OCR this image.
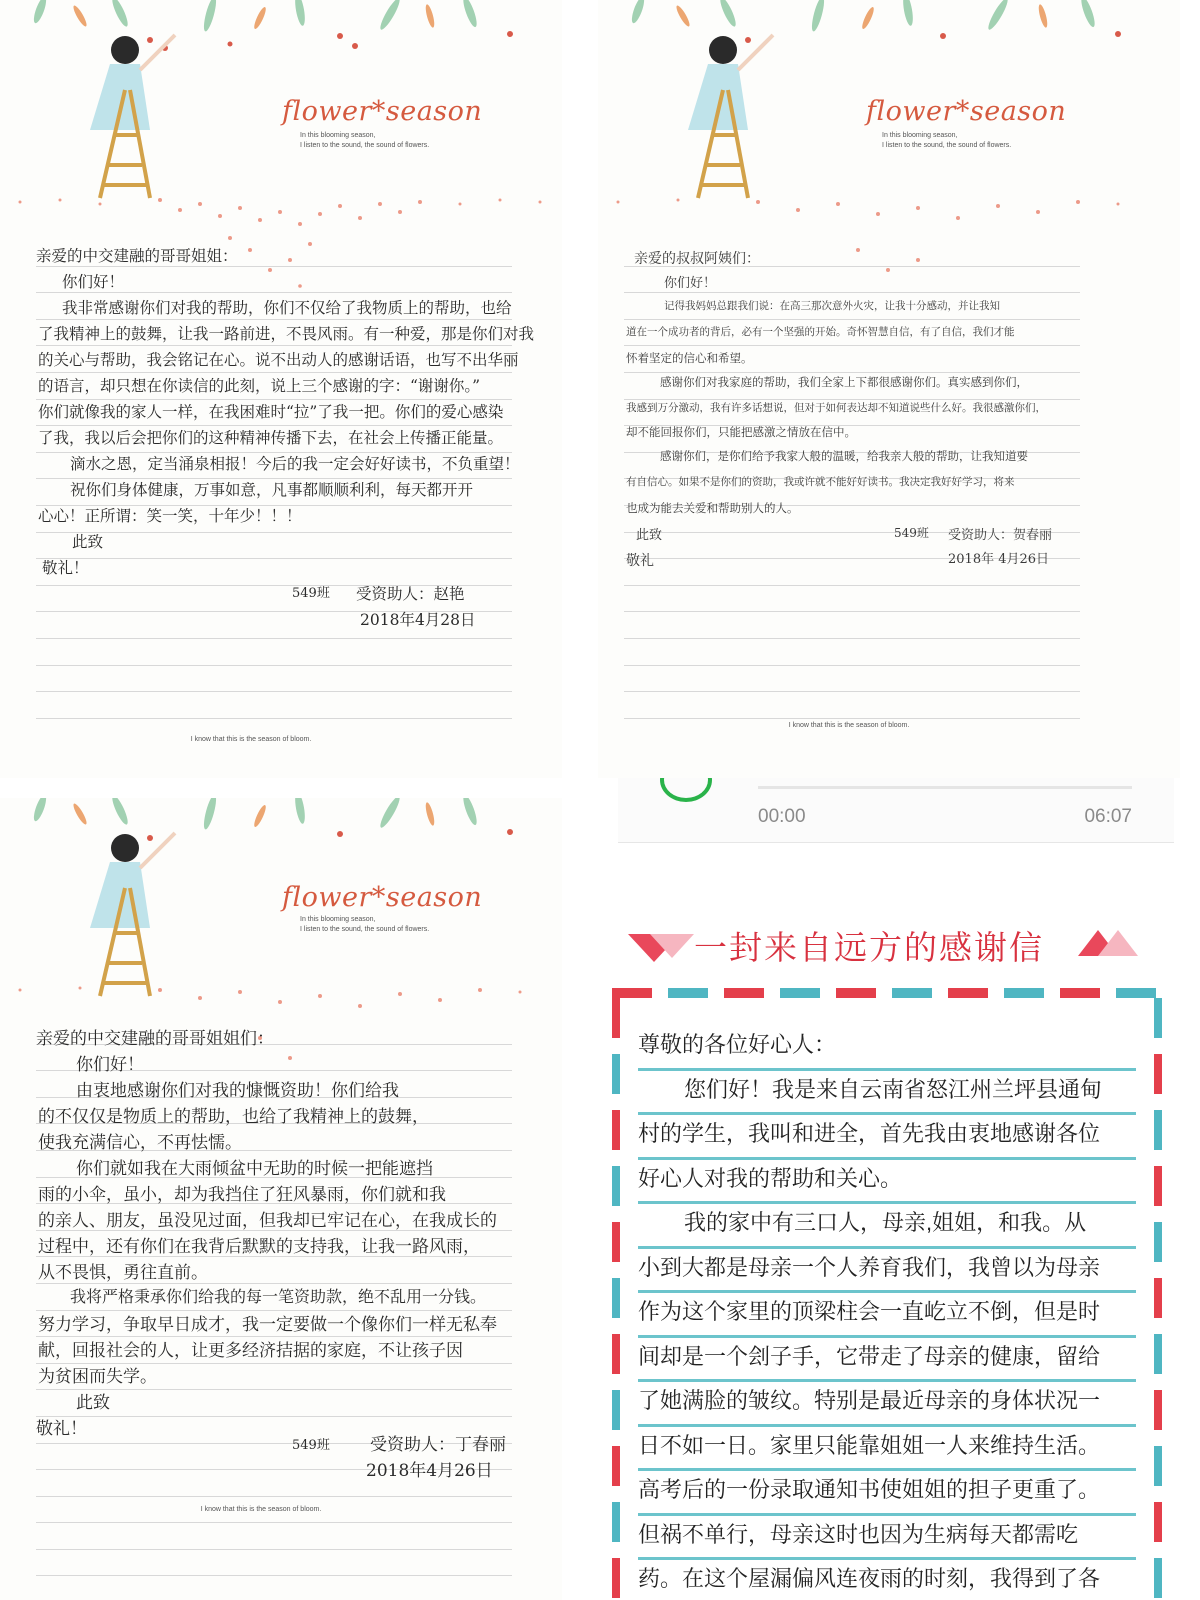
flower*season
In this blooming season,
I listen to the sound, the sound of flowers.
亲爱的中交建融的哥哥姐姐：
你们好！
我非常感谢你们对我的帮助，你们不仅给了我物质上的帮助，也给
了我精神上的鼓舞，让我一路前进，不畏风雨。有一种爱，那是你们对我
的关心与帮助，我会铭记在心。说不出动人的感谢话语，也写不出华丽
的语言，却只想在你读信的此刻，说上三个感谢的字：“谢谢你。”
你们就像我的家人一样，在我困难时“拉”了我一把。你们的爱心感染
了我，我以后会把你们的这种精神传播下去，在社会上传播正能量。
滴水之恩，定当涌泉相报！今后的我一定会好好读书，不负重望！
祝你们身体健康，万事如意，凡事都顺顺利利，每天都开开
心心！正所谓：笑一笑，十年少！！！
此致
敬礼！
549班 受资助人：赵艳
2018年4月28日
I know that this is the season of bloom.
flower*season
In this blooming season,
I listen to the sound, the sound of flowers.
亲爱的叔叔阿姨们：
你们好！
记得我妈妈总跟我们说：在高三那次意外火灾，让我十分感动，并让我知
道在一个成功者的背后，必有一个坚强的开始。奇怀智慧自信，有了自信，我们才能
怀着坚定的信心和希望。
感谢你们对我家庭的帮助，我们全家上下都很感谢你们。真实感到你们，
我感到万分激动，我有许多话想说，但对于如何表达却不知道说些什么好。我很感激你们，
却不能回报你们，只能把感激之情放在信中。
感谢你们，是你们给予我家人般的温暖，给我亲人般的帮助，让我知道要
有自信心。如果不是你们的资助，我或许就不能好好读书。我决定我好好学习，将来
也成为能去关爱和帮助别人的人。
此致	549班 受资助人：贺春丽
敬礼	2018年 4月26日
I know that this is the season of bloom.
flower*season
In this blooming season,
I listen to the sound, the sound of flowers.
亲爱的中交建融的哥哥姐姐们：
你们好！
由衷地感谢你们对我的慷慨资助！你们给我
的不仅仅是物质上的帮助，也给了我精神上的鼓舞，
使我充满信心，不再怯懦。
你们就如我在大雨倾盆中无助的时候一把能遮挡
雨的小伞，虽小，却为我挡住了狂风暴雨，你们就和我
的亲人、朋友，虽没见过面，但我却已牢记在心，在我成长的
过程中，还有你们在我背后默默的支持我，让我一路风雨，
从不畏惧，勇往直前。
我将严格秉承你们给我的每一笔资助款，绝不乱用一分钱。
努力学习，争取早日成才，我一定要做一个像你们一样无私奉
献，回报社会的人，让更多经济拮据的家庭，不让孩子因
为贫困而失学。
此致
敬礼！
549班 受资助人：丁春丽
2018年4月26日
I know that this is the season of bloom.
00:00	06:07
一封来自远方的感谢信
尊敬的各位好心人：
您们好！我是来自云南省怒江州兰坪县通甸
村的学生，我叫和进全，首先我由衷地感谢各位
好心人对我的帮助和关心。
我的家中有三口人，母亲,姐姐，和我。从
小到大都是母亲一个人养育我们，我曾以为母亲
作为这个家里的顶梁柱会一直屹立不倒，但是时
间却是一个刽子手，它带走了母亲的健康，留给
了她满脸的皱纹。特别是最近母亲的身体状况一
日不如一日。家里只能靠姐姐一人来维持生活。
高考后的一份录取通知书使姐姐的担子更重了。
但祸不单行，母亲这时也因为生病每天都需吃
药。在这个屋漏偏风连夜雨的时刻，我得到了各
